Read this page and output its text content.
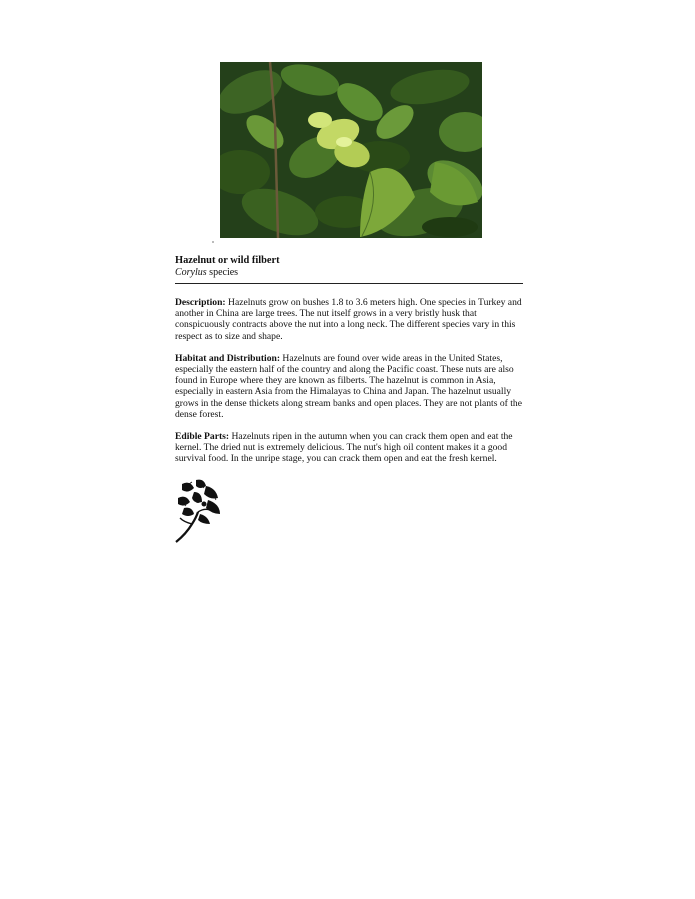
Hazelnut or wild filbert

Corylus species

Description: Hazelnuts grow on bushes 1.8 to 3.6 meters high. One species in Turkey and another in China are large trees. The nut itself grows in a very bristly husk that conspicuously contracts above the nut into a long neck. The different species vary in this respect as to size and shape.

Habitat and Distribution: Hazelnuts are found over wide areas in the United States, especially the eastern half of the country and along the Pacific coast. These nuts are also found in Europe where they are known as filberts. The hazelnut is common in Asia, especially in eastern Asia from the Himalayas to China and Japan. The hazelnut usually grows in the dense thickets along stream banks and open places. They are not plants of the dense forest.

Edible Parts: Hazelnuts ripen in the autumn when you can crack them open and eat the kernel. The dried nut is extremely delicious. The nut's high oil content makes it a good survival food. In the unripe stage, you can crack them open and eat the fresh kernel.
